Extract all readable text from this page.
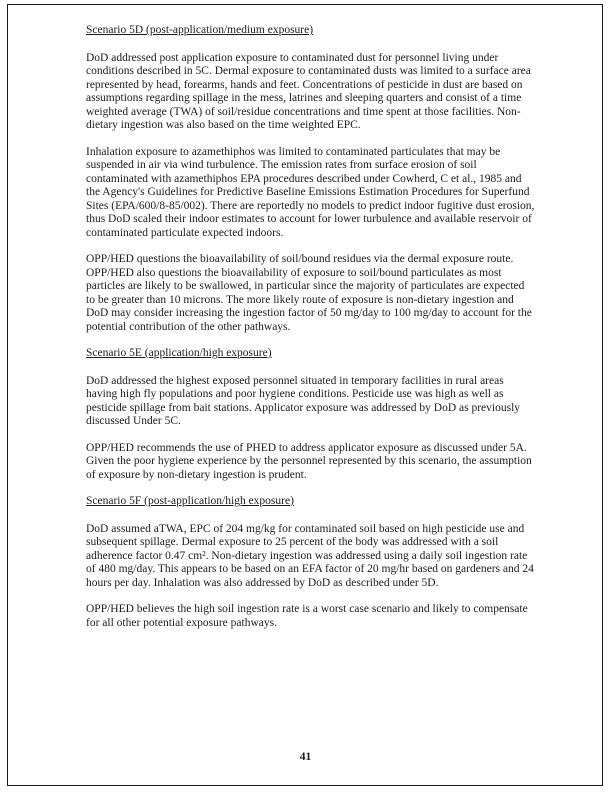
Scenario 5D (post-application/medium exposure)

DoD addressed post application exposure to contaminated dust for personnel living under conditions described in 5C. Dermal exposure to contaminated dusts was limited to a surface area represented by head, forearms, hands and feet. Concentrations of pesticide in dust are based on assumptions regarding spillage in the mess, latrines and sleeping quarters and consist of a time weighted average (TWA) of soil/residue concentrations and time spent at those facilities. Non-dietary ingestion was also based on the time weighted EPC.

Inhalation exposure to azamethiphos was limited to contaminated particulates that may be suspended in air via wind turbulence. The emission rates from surface erosion of soil contaminated with azamethiphos EPA procedures described under Cowherd, C et al., 1985 and the Agency's Guidelines for Predictive Baseline Emissions Estimation Procedures for Superfund Sites (EPA/600/8-85/002). There are reportedly no models to predict indoor fugitive dust erosion, thus DoD scaled their indoor estimates to account for lower turbulence and available reservoir of contaminated particulate expected indoors.

OPP/HED questions the bioavailability of soil/bound residues via the dermal exposure route. OPP/HED also questions the bioavailability of exposure to soil/bound particulates as most particles are likely to be swallowed, in particular since the majority of particulates are expected to be greater than 10 microns. The more likely route of exposure is non-dietary ingestion and DoD may consider increasing the ingestion factor of 50 mg/day to 100 mg/day to account for the potential contribution of the other pathways.

Scenario 5E (application/high exposure)

DoD addressed the highest exposed personnel situated in temporary facilities in rural areas having high fly populations and poor hygiene conditions. Pesticide use was high as well as pesticide spillage from bait stations. Applicator exposure was addressed by DoD as previously discussed Under 5C.

OPP/HED recommends the use of PHED to address applicator exposure as discussed under 5A. Given the poor hygiene experience by the personnel represented by this scenario, the assumption of exposure by non-dietary ingestion is prudent.

Scenario 5F (post-application/high exposure)

DoD assumed aTWA, EPC of 204 mg/kg for contaminated soil based on high pesticide use and subsequent spillage. Dermal exposure to 25 percent of the body was addressed with a soil adherence factor 0.47 cm². Non-dietary ingestion was addressed using a daily soil ingestion rate of 480 mg/day. This appears to be based on an EFA factor of 20 mg/hr based on gardeners and 24 hours per day. Inhalation was also addressed by DoD as described under 5D.

OPP/HED believes the high soil ingestion rate is a worst case scenario and likely to compensate for all other potential exposure pathways.

41
